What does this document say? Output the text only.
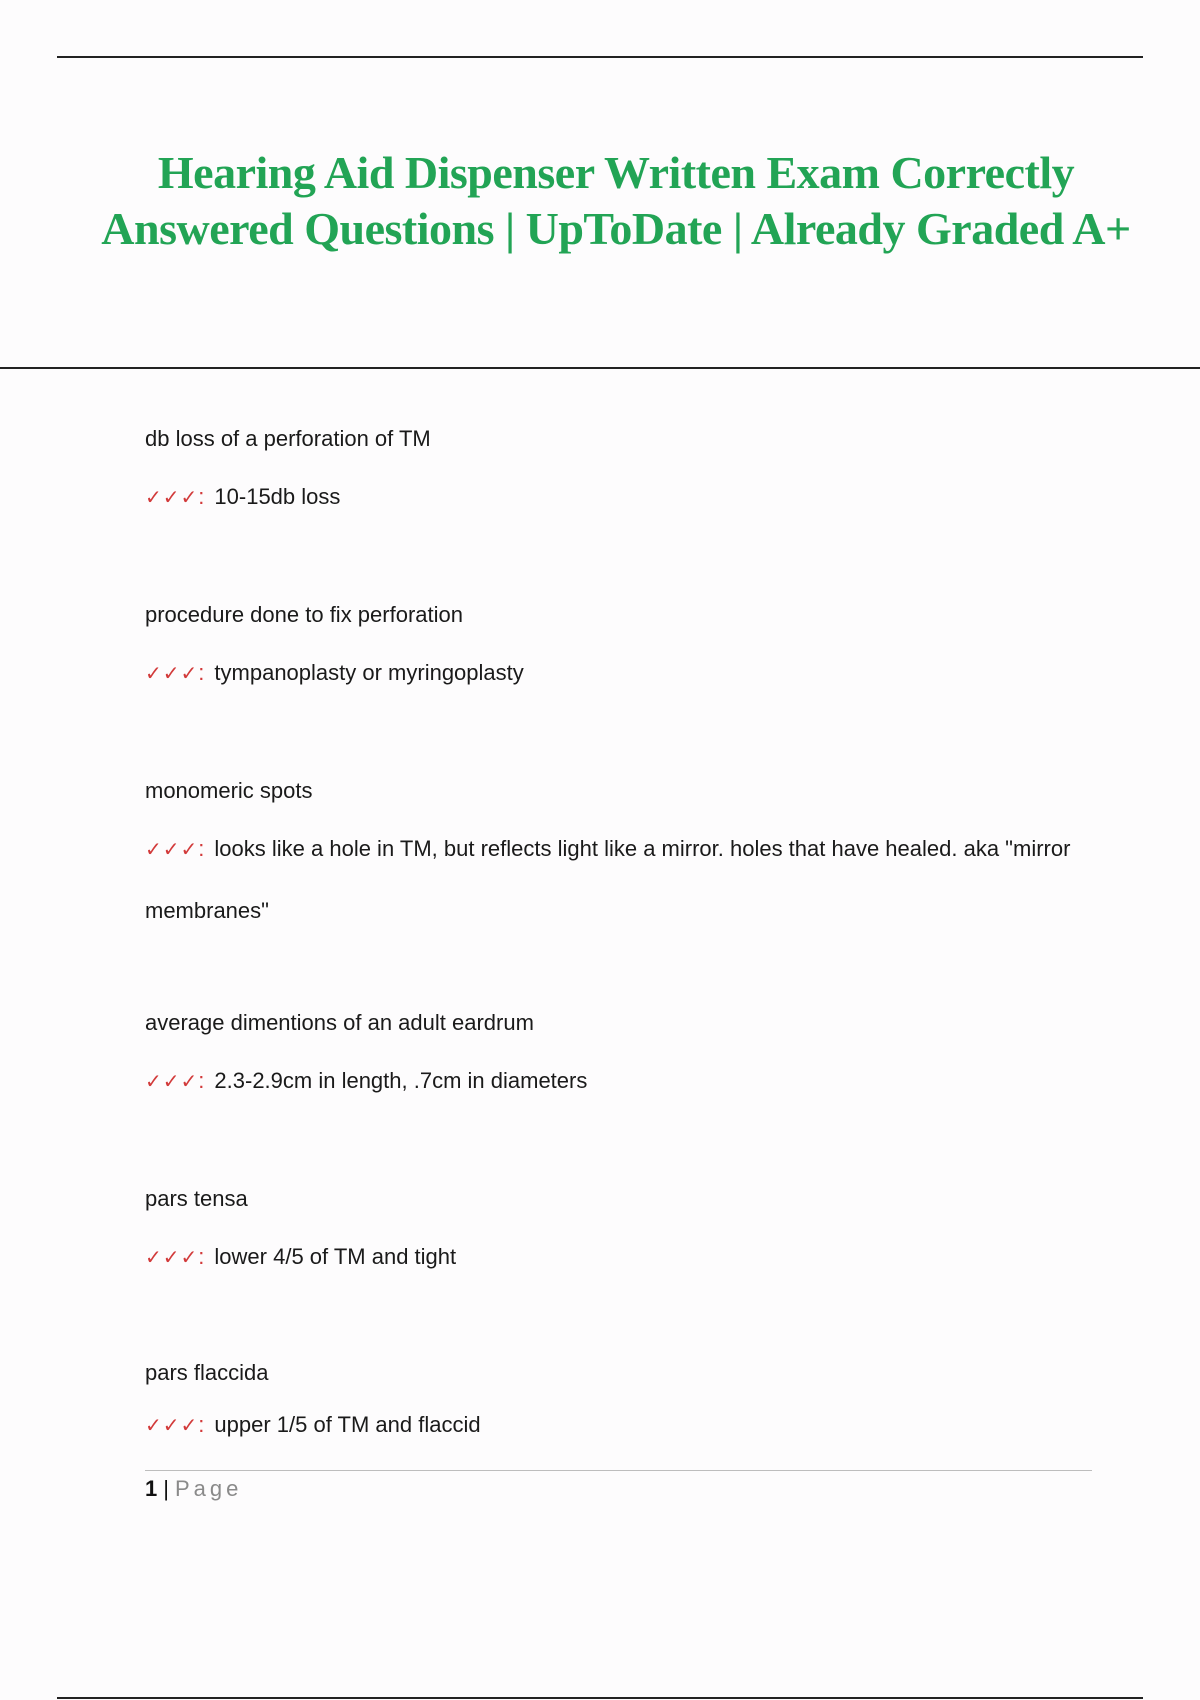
Hearing Aid Dispenser Written Exam Correctly Answered Questions | UpToDate | Already Graded A+

db loss of a perforation of TM

✓✓✓: 10-15db loss

procedure done to fix perforation

✓✓✓: tympanoplasty or myringoplasty

monomeric spots

✓✓✓: looks like a hole in TM, but reflects light like a mirror. holes that have healed. aka "mirror membranes"

average dimentions of an adult eardrum

✓✓✓: 2.3-2.9cm in length, .7cm in diameters

pars tensa

✓✓✓: lower 4/5 of TM and tight

pars flaccida

✓✓✓: upper 1/5 of TM and flaccid

1 | Page
